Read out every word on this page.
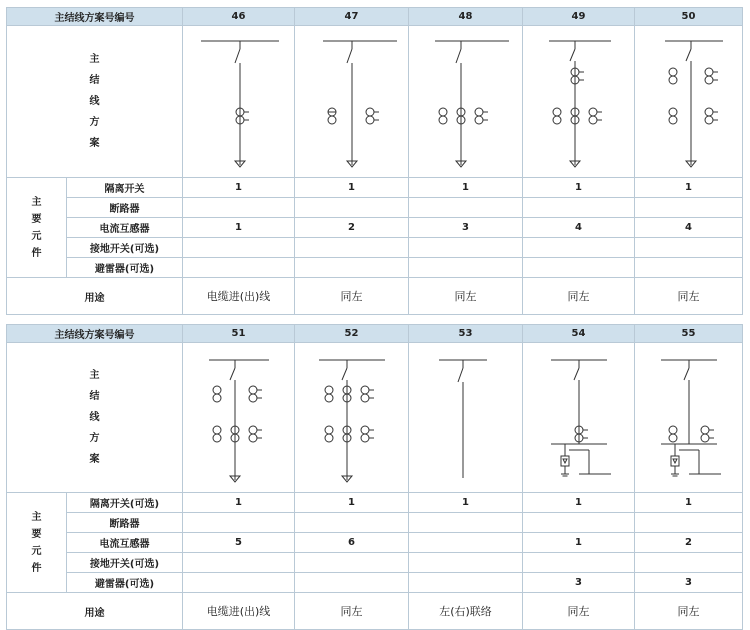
主结线方案号编号		46	47	48	49	50

主
结
线
方
案

主
要
元
件	隔离开关	1	1	1	1	1
	断路器					
	电流互感器	1	2	3	4	4
	接地开关(可选)					
	避雷器(可选)					
用途		电缆进(出)线	同左	同左	同左	同左
主结线方案号编号		51	52	53	54	55

主
结
线
方
案

主
要
元
件	隔离开关(可选)	1	1	1	1	1
	断路器					
	电流互感器	5	6		1	2
	接地开关(可选)					
	避雷器(可选)				3	3
用途		电缆进(出)线	同左	左(右)联络	同左	同左
